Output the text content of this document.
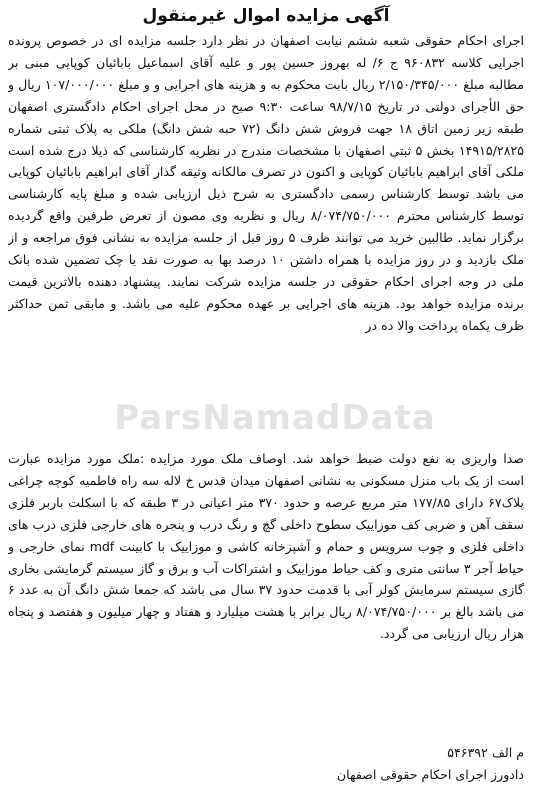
آگهی مزایده اموال غیرمنقول

اجرای احکام حقوقی شعبه ششم نیابت اصفهان در نظر دارد جلسه مزایده ای در خصوص پرونده اجرایی کلاسه ۹۶۰۸۳۲ ج ۶/ له بهروز حسین پور و علیه آقای اسماعیل بابائیان کوپایی مبنی بر مطالبه مبلغ ۲/۱۵۰/۳۴۵/۰۰۰ ریال بابت محکوم به و هزینه های اجرایی و و مبلغ ۱۰۷/۰۰۰/۰۰۰ ریال و حق الأجرای دولتی در تاریخ ۹۸/۷/۱۵ ساعت ۹:۳۰ صبح در محل اجرای احکام دادگستری اصفهان طبقه زیر زمین اتاق ۱۸ جهت فروش شش دانگ (۷۲ حبه شش دانگ) ملکی به پلاک ثبتی شماره ۱۴۹۱۵/۲۸۲۵ بخش ۵ ثبتی اصفهان با مشخصات مندرج در نظریه کارشناسی که ذیلا درج شده است ملکی آقای ابراهیم بابائیان کوپایی و اکنون در تصرف مالکانه وثیقه گذار آقای ابراهیم بابائیان کوپایی می باشد توسط کارشناس رسمی دادگستری به شرح ذیل ارزیابی شده و مبلغ پایه کارشناسی توسط کارشناس محترم ۸/۰۷۴/۷۵۰/۰۰۰ ریال و نظریه وی مصون از تعرض طرفین واقع گردیده برگزار نماید. طالبین خرید می توانند ظرف ۵ روز قبل از جلسه مزایده به نشانی فوق مراجعه و از ملک بازدید و در روز مزایده با همراه داشتن ۱۰ درصد بها به صورت نقد یا چک تضمین شده بانک ملی در وجه اجرای احکام حقوقی در جلسه مزایده شرکت نمایند. پیشنهاد دهنده بالاترین قیمت برنده مزایده خواهد بود. هزینه های اجرایی بر عهده محکوم علیه می باشد. و مابقی ثمن حداکثر ظرف یکماه پرداخت والا ده در

صدا واریزی به نفع دولت ضبط خواهد شد. اوصاف ملک مورد مزایده :ملک مورد مزایده عبارت است از یک باب منزل مسکونی به نشانی اصفهان میدان قدس خ لاله سه راه فاطمیه کوچه چراغی پلاک۶۷ دارای ۱۷۷/۸۵ متر مربع عرصه و حدود ۳۷۰ متر اعیانی در ۳ طبقه که با اسکلت باربر فلزی سقف آهن و ضربی کف موزاییک سطوح داخلی گچ و رنگ درب و پنجره های خارجی فلزی درب های داخلی فلزی و چوب سرویس و حمام و آشپزخانه کاشی و موزاییک با کابینت mdf نمای خارجی و حیاط آجر ۳ سانتی متری و کف حیاط موزاییک و اشتراکات آب و برق و گاز سیستم گرمایشی بخاری گازی سیستم سرمایش کولر آبی با قدمت حدود ۳۷ سال می باشد که جمعا شش دانگ آن به عدد ۶ می باشد بالغ بر ۸/۰۷۴/۷۵۰/۰۰۰ ریال برابر با هشت میلیارد و هفتاد و چهار میلیون و هفتصد و پنجاه هزار ریال ارزیابی می گردد.

م الف ۵۴۶۳۹۲

دادورز اجرای احکام حقوقی اصفهان

ParsNamadData
